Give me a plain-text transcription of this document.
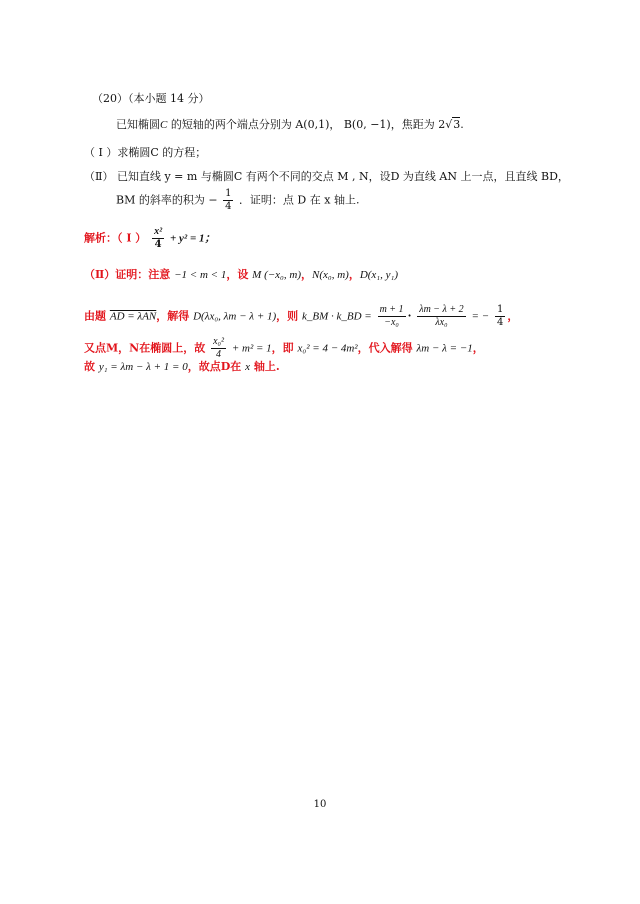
（20）（本小题 14 分）
已知椭圆C 的短轴的两个端点分别为 A(0,1)， B(0, −1)，焦距为 2√3.
（ I ）求椭圆C 的方程；
（Ⅱ） 已知直线 y = m 与椭圆C 有两个不同的交点 M , N，设D 为直线 AN 上一点，且直线 BD，
BM 的斜率的积为 − $\frac{1}{4}$ ．证明：点 D 在 x 轴上.
解析：（ I ） $\frac{\text{x²}}{4} + y^2 = 1$；
（Ⅱ）证明：注意 −1 < m < 1，设 M (−x₀, m)，N(x₀, m)，D(x₁, y₁)
由题 AD = λAN，解得 D(λx₀, λm − λ + 1)，则 k_BM · k_BD = $\frac{m + 1}{\text{−x₀}} \cdot \frac{\lambda m - \lambda + 2}{\text{λx₀}}$ = − $\frac{1}{4}$ ，
又点M，N在椭圆上，故 $\frac{\text{x₀²}}{4} + m^2 = 1$，即 x₀² = 4 − 4m²，代入解得 λm − λ = −1，
故 y₁ = λm − λ + 1 = 0，故点D在 x 轴上.
10
